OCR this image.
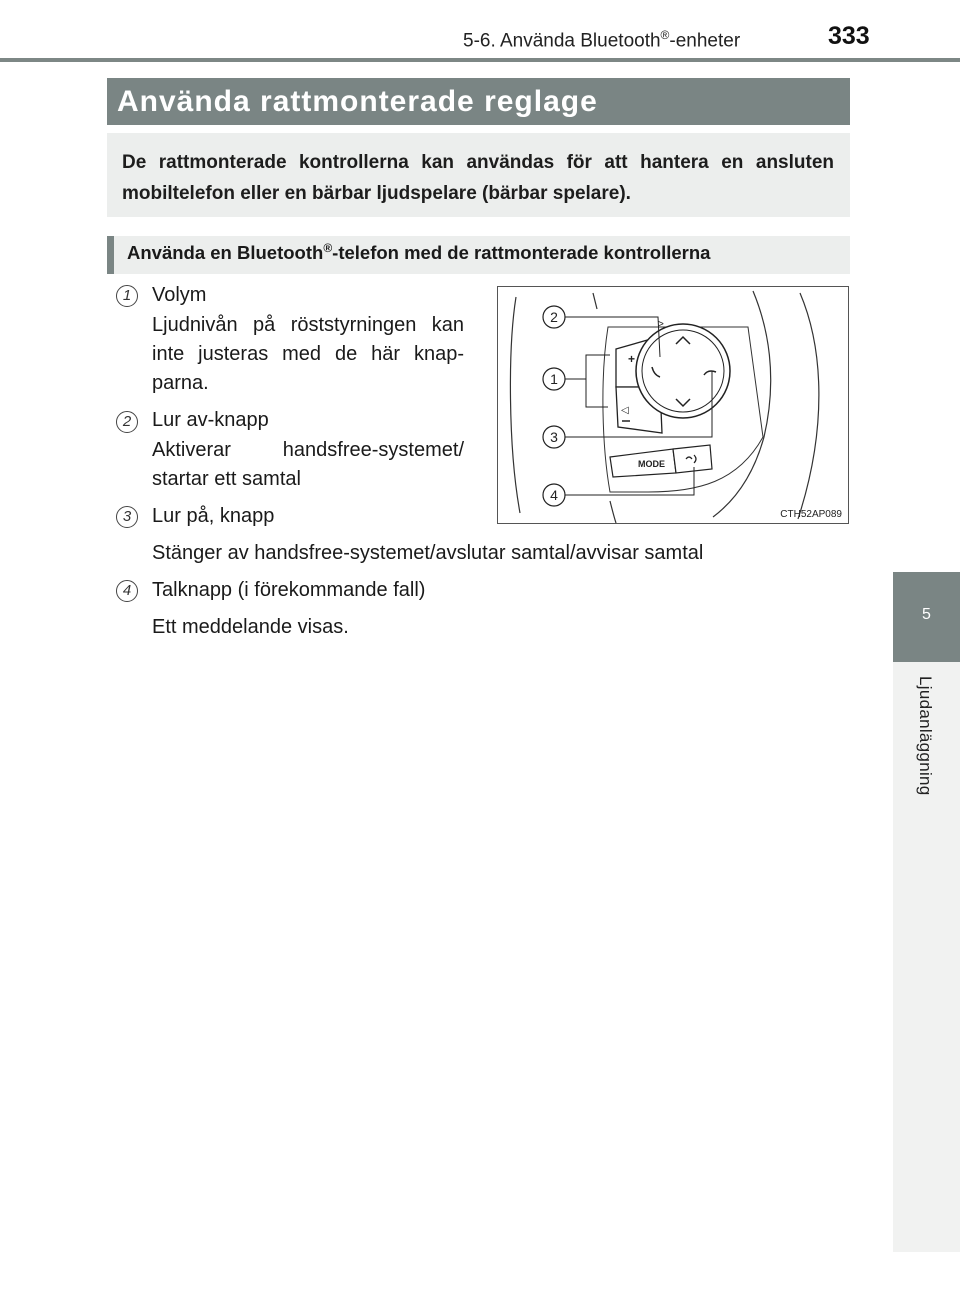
5-6. Använda Bluetooth®-enheter	333
5
Ljudanläggning
Använda rattmonterade reglage

De rattmonterade kontrollerna kan användas för att hantera en ansluten mobiltelefon eller en bärbar ljudspelare (bärbar spelare).

Använda en Bluetooth®-telefon med de rattmonterade kontrollerna
1	Volym
Ljudnivån på röststyrningen kan inte justeras med de här knap-parna.
2	Lur av-knapp
Aktiverar handsfree-systemet/ startar ett samtal
3	Lur på, knapp
Stänger av handsfree-systemet/avslutar samtal/avvisar samtal
4	Talknapp (i förekommande fall)
Ett meddelande visas.
+
◁
>
MODE
2
1
3
4
CTH52AP089
